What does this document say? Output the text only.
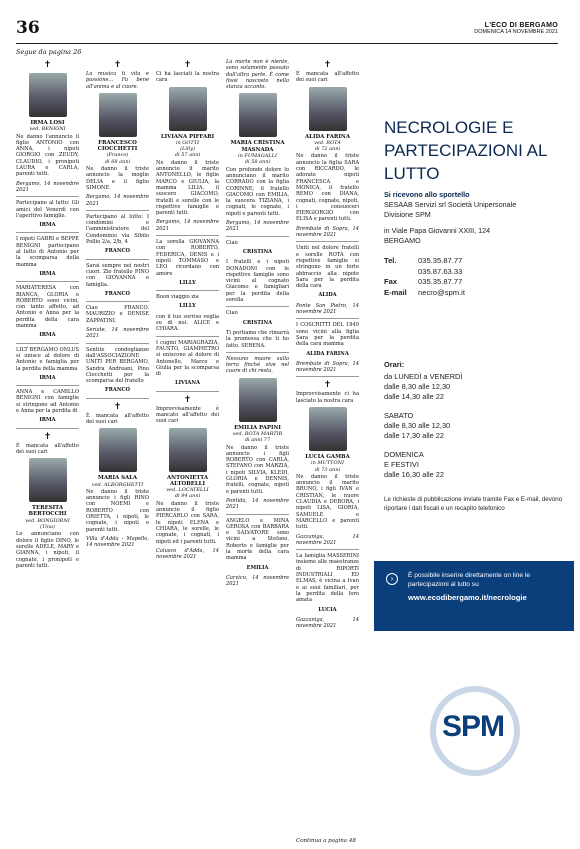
36	L'ECO DI BERGAMO
DOMENICA 14 NOVEMBRE 2021
Segue da pagina 26
✝
IRMA LOSI
ved. BENIGNI

Ne danno l'annuncio il figlio ANTONIO con ANNA, i nipoti GIORGIO con ZEUDY, CLAUDIO, i pronipoti LAURA e CARLA, parenti tutti.

Bergamo, 14 novembre 2021

Partecipano al lutto: Gli amici del Venerdì con l'aperitivo famiglie.

IRMA

I nipoti GABRI e BEPPE BENIGNI partecipano al lutto di Antonio per la scomparsa della mamma

IRMA

MARIATERESA con BIANCA, GLORIA e ROBERTO sono vicini, con tanto affetto, ad Antonio e Anna per la perdita della cara mamma

IRMA

LILT BERGAMO ONLUS si unisce al dolore di Antonio e famiglia per la perdita della mamma

IRMA

ANNA e CAMILLO BENIGNI con famiglie si stringono ad Antonio e Anna per la perdita di

IRMA
✝

È mancata all'affetto dei suoi cari

TERESITA BERTOCCHI
ved. BONGIORNI
(Tina)

Lo annunciano con dolore il figlio DINO, le sorelle ADELE, MARY e GIANNA, i nipoti, il cognato, i pronipoti e parenti tutti.

✝

La musica ti vita e passione... Fa bene all'anima e al cuore.

FRANCESCO CIOCCHETTI
(Franco)
di 68 anni

Ne danno il triste annuncio la moglie DELIA e il figlio SIMONE.

Bergamo, 14 novembre 2021

Partecipano al lutto: I condòmini e l'amministratore del Condominio via Sibilo Pollio 2/a, 2/b, 4

FRANCO

Sarai sempre nei nostri cuori. Zio fratello PINO con GIOVANNA e famiglia.

FRANCO

Ciao FRANCO. MAURIZIO e DENISE ZAPPATINI.

Seriate, 14 novembre 2021

Sentite condoglianze dall'ASSOCIAZIONE UNITI PER BERGAMO, Sandra Andreani, Pino Ciocchetti per la scomparsa del fratello

FRANCO
✝

È mancata all'affetto dei suoi cari

MARIA SALA
ved. ALBORGHETTI

Ne danno il triste annuncio i figli RINO con NOEMI e ROBERTO con ORIETTA, i nipoti, le cognate, i nipoti e parenti tutti.

Villa d'Adda - Mapello, 14 novembre 2021

✝

Ci ha lasciati la nostra cara

LIVIANA PIFFARI
in GOTTI
(Lilly)
di 57 anni

Ne danno il triste annuncio il marito ANTONELLO, le figlie MARCO e GIULIA, la mamma LILIA, il suocero GIACOMO, fratelli e sorelle con le rispettive famiglie e parenti tutti.

Bergamo, 14 novembre 2021

La sorella GIOVANNA con ROBERTO, FEDERICA, DENIS e i nipoti TOMMASO e LEO ricordano con amore

LILLY

Buon viaggio zia

LILLY

con il tuo sorriso veglia su di noi. ALICE e CHIARA.

I cugini MARIAGRAZIA, FAUSTO, GIAMPIETRO si uniscono al dolore di Antonello, Marco e Giulia per la scomparsa di

LIVIANA
✝

Improvvisamente è mancato all'affetto dei suoi cari

ANTONIETTA ALTOBELLI
ved. LOCATELLI
di 94 anni

Ne danno il triste annuncio il figlio PIERCARLO con SARA, le nipoti ELENA e CHIARA, le sorelle, le cognate, i cognati, i nipoti ed i parenti tutti.

Calusco d'Adda, 14 novembre 2021

La morte non è niente, sono solamente passato dall'altra parte. È come fossi nascosto nella stanza accanto.

MARIA CRISTINA MASNADA
in FUMAGALLI
di 58 anni

Con profondo dolore lo annunciano il marito CORRADO con la figlia CORINNE, il fratello GIACOMO con EMILIA, la suocera TIZIANA, i cognati, le cognate, i nipoti e parenti tutti.

Bergamo, 14 novembre 2021

Ciao

CRISTINA

I fratelli e i nipoti DONADONI con le rispettive famiglie sono vicini al cognato Giacomo e famigliari per la perdita della sorella

Ciao

CRISTINA

Ti portiamo che rimarrà la promessa che ti ho fatto. SERENA.

Nessuno muore sulla terra finché vive nel cuore di chi resta.

EMILIA PAPINI
ved. ROTA MARTIR
di anni 77

Ne danno il triste annuncio i figli ROBERTO con CARLA, STEFANO con MARZIA, i nipoti SILVIA, KLEDI, GLORIA e DENNIS, fratelli, cognate, nipoti e parenti tutti.

Pontida, 14 novembre 2021

ANGELO e MINA GEROSA con BARBARA e SALVATORE sono vicini a Stefano, Roberto e famiglie per la morte della cara mamma

EMILIA

Carvico, 14 novembre 2021

✝

È mancata all'affetto dei suoi cari

ALIDA FARINA
ved. ROTA
di 72 anni

Ne danno il triste annuncio la figlia SARA con RICCARDO, le adorate nipoti FRANCESCA e MONICA, il fratello REMO con DIANA, cognati, cognate, nipoti, i consuoceri PIERGIORGIO con ELISA e parenti tutti.

Brembate di Sopra, 14 novembre 2021

Uniti nel dolore fratelli e sorelle ROTA con rispettive famiglie si stringono in un forte abbraccio alla nipote Sara per la perdita della cara

ALIDA

Ponte San Pietro, 14 novembre 2021

I COSCRITTI DEL 1949 sono vicini alla figlia Sara per la perdita della cara mamma

ALIDA FARINA

Brembate di Sopra, 14 novembre 2021

✝

Improvvisamente ci ha lasciato la nostra cara

LUCIA GAMBA
in MUTTONI
di 73 anni

Ne danno il triste annuncio il marito BRUNO, i figli IVAN e CRISTIAN, le nuore CLAUDIA e DEBORA, i nipoti LISA, GIORIA, SAMUELE e MARCELLO e parenti tutti.

Gazzaniga, 14 novembre 2021

La famiglia MASSERINI insieme alle maestranze di RIPORTI INDUSTRIALI ED ELMAS, è vicina a Ivan e ai suoi familiari, per la perdita della loro amata

LUCIA

Gazzaniga, 14 novembre 2021

Continua a pagina 48
NECROLOGIE E PARTECIPAZIONI AL LUTTO
Si ricevono allo sportello
SESAAB Servizi srl Società Unipersonale
Divisione SPM
in Viale Papa Giovanni XXIII, 124
BERGAMO
Tel.	035.35.87.77
035.87.63.33
Fax	035.35.87.77
E-mail necro@spm.it
Orari:
da LUNEDÌ a VENERDÌ
dalle 8,30 alle 12,30
dalle 14,30 alle 22
SABATO
dalle 8,30 alle 12,30
dalle 17,30 alle 22
DOMENICA
E FESTIVI
dalle 16,30 alle 22
Le richieste di pubblicazione inviate tramite Fax e E-mail, devono riportare i dati fiscali e un recapito telefonico
›	È possibile inserire direttamente on line le partecipazioni al lutto su
www.ecodibergamo.it/necrologie
SPM
